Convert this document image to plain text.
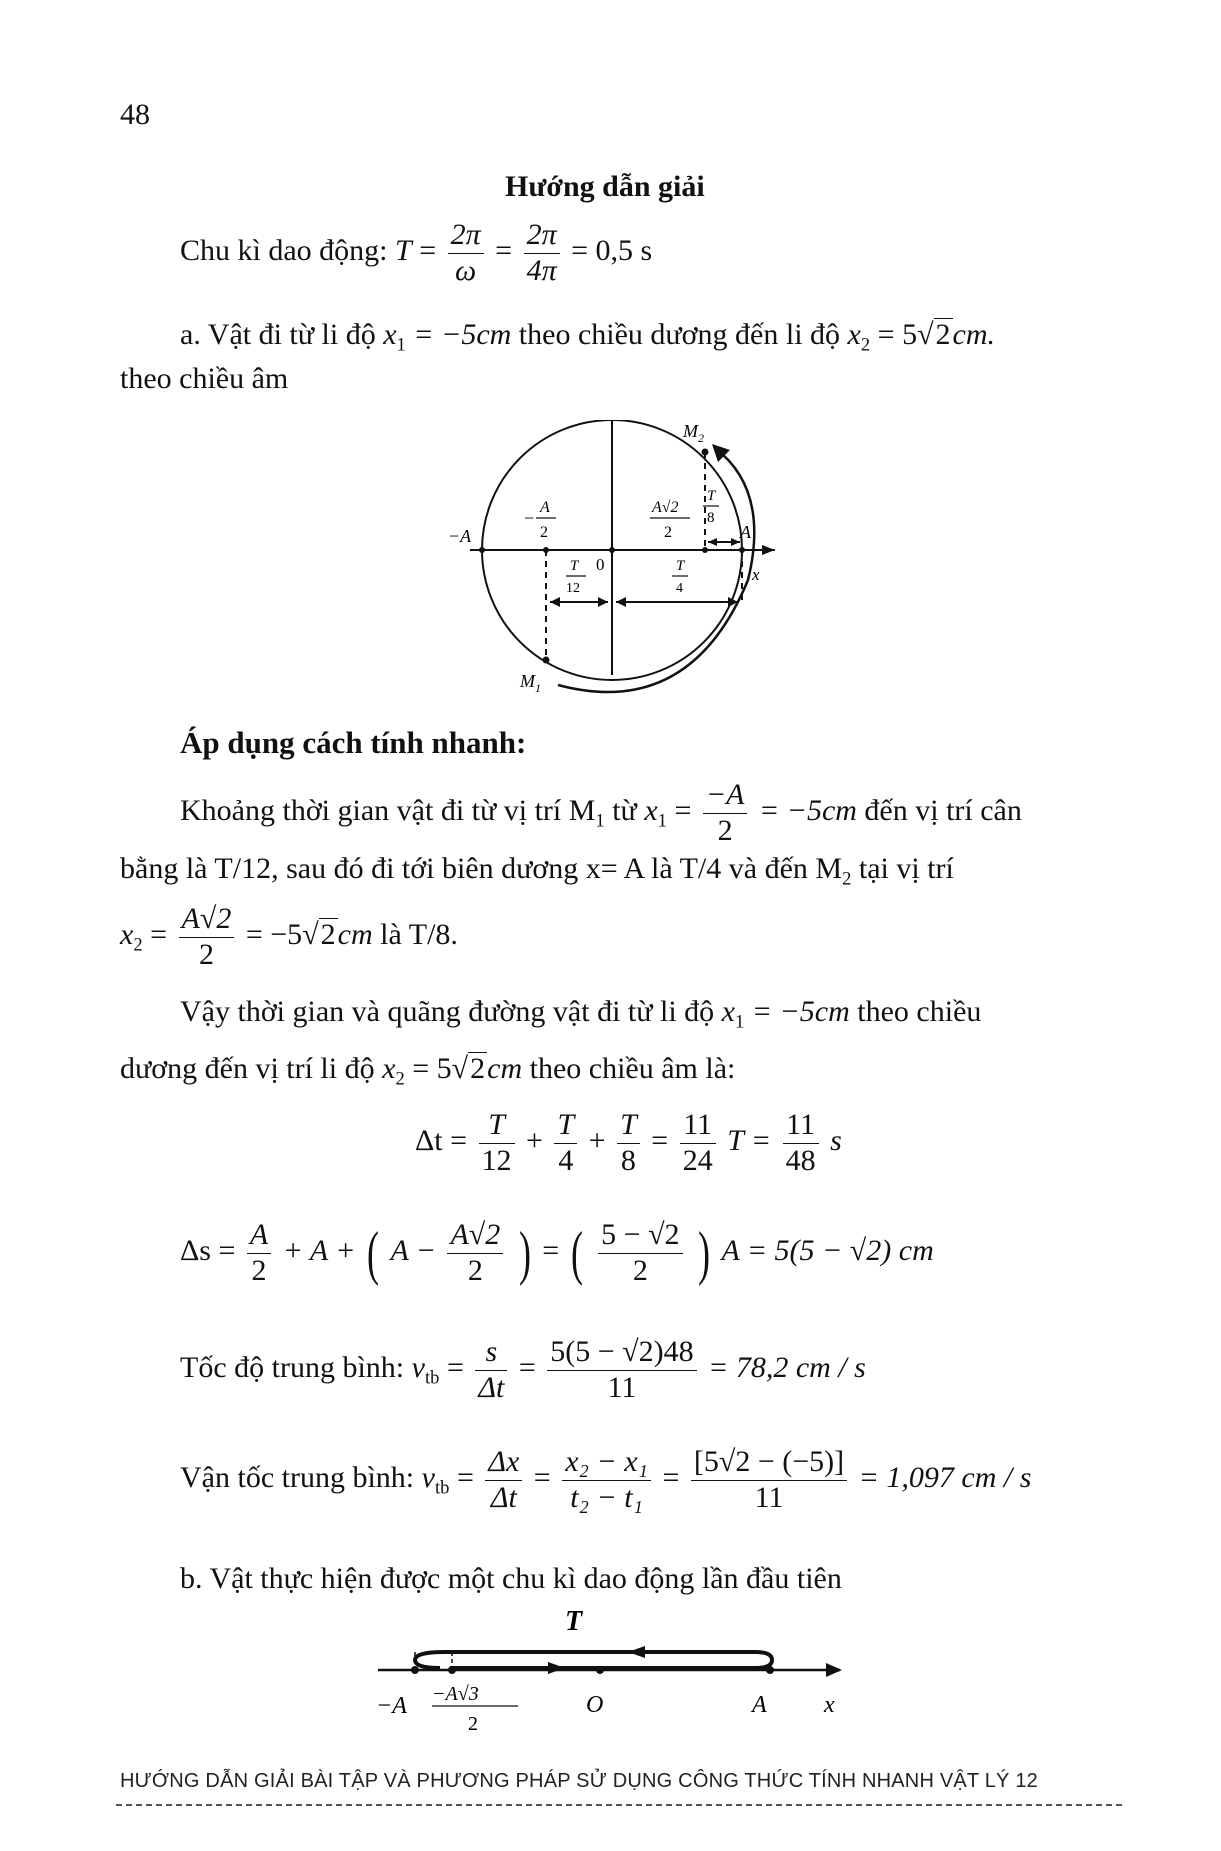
48
Hướng dẫn giải
Chu kì dao động: $T = \frac{2\pi}{\omega} = \frac{2\pi}{4\pi} = 0,5$ s
a. Vật đi từ li độ $x_1 = -5cm$ theo chiều dương đến li độ $x_2 = 5√2cm$.
theo chiều âm
$M_2$
$M_1$
−A
−
A
2
A√2
2
T
8
A
T
12
0	T
4
x
Áp dụng cách tính nhanh:
Khoảng thời gian vật đi từ vị trí $M_1$ từ $x_1 = \frac{-A}{2} = -5cm$ đến vị trí cân
bằng là T/12, sau đó đi tới biên dương x= A là T/4 và đến $M_2$ tại vị trí
$x_2 = \frac{A√2}{2} = -5√2cm$ là T/8.
Vậy thời gian và quãng đường vật đi từ li độ $x_1 = -5cm$ theo chiều
dương đến vị trí li độ $x_2 = 5√2cm$ theo chiều âm là:
$\Delta t = \frac{T}{12} + \frac{T}{4} + \frac{T}{8} = \frac{11}{24}$ $T = \frac{11}{48}$ s
$\Delta s = \frac{A}{2} + A$ + ( $A - \frac{A√2}{2}$ ) = ( $\frac{5 - √2}{2}$ ) A = 5(5 − √2) cm
Tốc độ trung bình: $v_{tb} = \frac{s}{\Delta t} = \frac{5(5 - √2)48}{11} = 78,2$ cm / s
Vận tốc trung bình: $v_{tb} = \frac{\Delta x}{\Delta t} = \frac{\text{x₂ − x₁}}{\text{t₂ − t₁}} = \frac{[5√2 - (-5)]}{11} = 1,097$ cm / s
b. Vật thực hiện được một chu kì dao động lần đầu tiên
T
−A −A√3
2
O	A x
HƯỚNG DẪN GIẢI BÀI TẬP VÀ PHƯƠNG PHÁP SỬ DỤNG CÔNG THỨC TÍNH NHANH VẬT LÝ 12
